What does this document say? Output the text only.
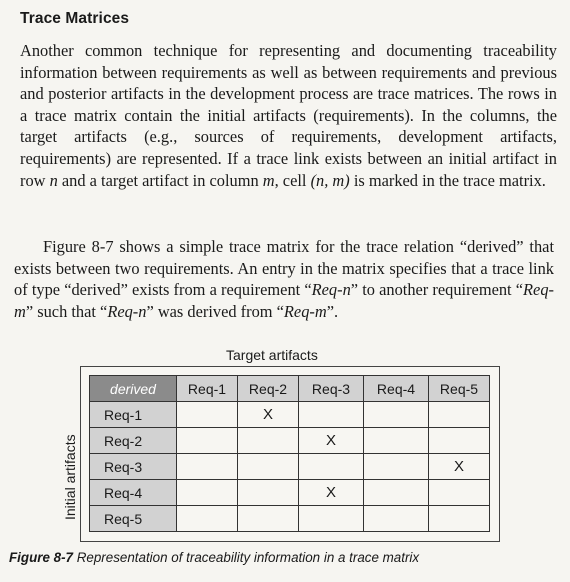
Trace Matrices
Another common technique for representing and documenting traceability information between requirements as well as between requirements and previous and posterior artifacts in the development process are trace matrices. The rows in a trace matrix contain the initial artifacts (requirements). In the columns, the target artifacts (e.g., sources of requirements, development artifacts, requirements) are represented. If a trace link exists between an initial artifact in row n and a target artifact in column m, cell (n, m) is marked in the trace matrix.
Figure 8-7 shows a simple trace matrix for the trace relation “derived” that exists between two requirements. An entry in the matrix specifies that a trace link of type “derived” exists from a requirement “Req-n” to another requirement “Req-m” such that “Req-n” was derived from “Req-m”.
Target artifacts
Initial artifacts
derived	Req-1	Req-2	Req-3	Req-4	Req-5
Req-1		X			
Req-2			X		
Req-3					X
Req-4			X		
Req-5					
Figure 8-7 Representation of traceability information in a trace matrix
